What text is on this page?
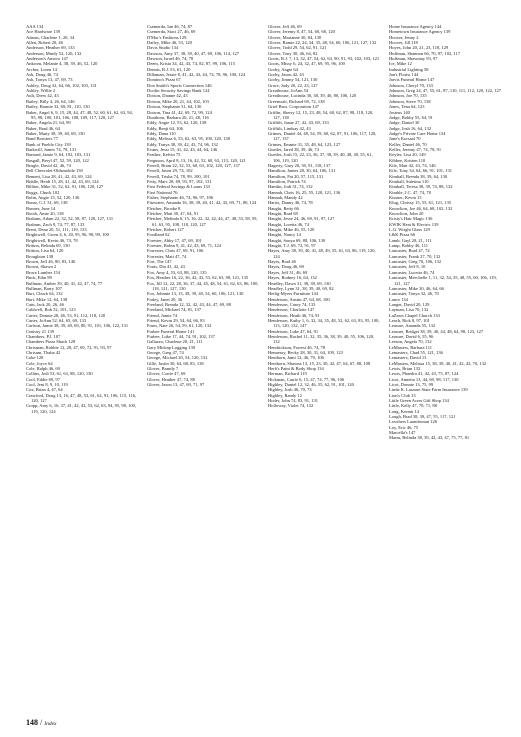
AAA 134
Ace Hardware 139
Adams, Charlene 1, 20, 34
Allen, Robert 20, 46
Anderson, Heather 69, 133
Anderson, Mindy 52, 120, 132
Anderson's Amoco 147
Ankrom, Melanie 4, 38, 39, 46, 52, 120
Archer, Loren 14
Ash, Doug 46, 74
Ash, Tonya 13, 47, 69, 73
Ashley, Doug 32, 64, 66, 102, 103, 131
Ashley, Willie 2
Ault, Drew 42, 43
Bailey, Billy 4, 26, 64, 146
Bailey, Bonnie 32, 69, 81, 110, 130
Baker, Angel 6, 9, 15, 28, 44, 47, 48, 52, 60, 61, 62, 63, 94, 95, 98, 100, 101, 106, 108, 109, 117, 120, 127
Baker, Angela 21, 64, 99
Baker, Brad 46, 64
Baker, Marty 38, 39, 40, 69, 130
Band Boosters 77
Bank of Pueblo City 139
Barkwill, James 74, 78, 131
Barnard, Jamie 9, 64, 102, 103, 131
Basgall, Beryl 47, 52, 59, 120, 122
Beagle, David 42, 46, 74
Bell Chevrolet-Oldsmobile 150
Bennett, Lisa 28, 41, 42, 43, 69, 124
Biddle, Heidi 15, 28, 41, 42, 43, 69, 124
Billiter, Mike 31, 52, 62, 91, 106, 120, 127
Boggs, Chuck 102
Bolin, Angie 15, 52, 120, 136
Bonar, C.J. 31, 69, 138
Bonner, June 14
Booth, Amie 20, 138
Brabum, Adam 22, 32, 52, 58, 87, 120, 127, 131
Brabum, Zach 9, 74, 77, 87, 133
Brent, Dena 20, 51, 111, 119, 133
Brightwell, Gwen 4, 6, 20, 95, 96, 98, 99, 100
Brightwell, Kevin 46, 74, 78
Britton, Belinda 69, 130
Britton, Lisa 64, 120
Broughton 138
Brown, Jeff 46, 80, 83, 146
Brown, Shawn 2
Bruce Lumber 154
Buck, Ethn 89
Bullman, Amber 39, 40, 41, 42, 47, 74, 77
Bullman, Barry 107
Burt, Chuck 64, 132
Burt, Mike 12, 64, 138
Cain, Jack 20, 26, 46
Caldwell, Rob 52, 101, 123
Carter, Donnie 28, 46, 53, 91, 112, 118, 120
Carter, JoAnn 52, 64, 65, 69, 133
Carlson, Jamie 38, 39, 40, 69, 80, 91, 101, 106, 122, 131
Century 21 139
Chambers, P.J. 107
Chambers Pizza Shack 128
Chrisman, Robbie 12, 28, 47, 69, 72, 91, 93, 97
Chrisam, Thaba 42
Coke 128
Cole, Joyce 64
Cole, Ralph 46, 69
Collins, Jodi 53, 61, 63, 88, 120, 130
Cool, Eddie 69, 97
Cool, Jeni 8, 9, 10, 119
Cox, Brian 4, 47, 64
Crawford, Doug 13, 16, 47, 48, 53, 61, 62, 91, 106, 115, 116, 120, 127
Cropp, Amy 6, 16, 37, 41, 42, 43, 53, 62, 63, 94, 95, 98, 100, 119, 120, 124
Csemerda, Ian 46, 74, 87
Csemerda, Staci 27, 46, 69
D'Mor's Fashions 129
Dailey, Mike 46, 53, 120
Davis Studio 134
Dawson, Amy 37, 38, 39, 40, 47, 69, 106, 114, 127
Dawson, Israel 46, 74, 78
Deem, Krista 34, 42, 43, 74, 82, 87, 99, 106, 115
Dennis, B.J. 53, 61, 120
Dillaman, Jessie 8, 41, 42, 43, 44, 74, 78, 96, 100, 124
Domino's Pizza 67
Don Smith's Sports Connection 146
Doolin Security Savings Bank 124
Dotson, Dianne 42, 43
Dotson, Mike 20, 21, 44, 102, 103
Dotson, Stephanie 31, 64, 130
Dotson, Tina 41, 42, 69, 72, 99, 124
Dunthorn, Barbara 20, 21, 48, 116
Eddy, Angie 12, 53, 62, 120, 138
Eddy, Benji 64, 106
Eddy, Dana 110
Eddy, Melissa 6, 53, 62, 63, 95, 100, 120, 138
Eddy, Tonya 38, 39, 42, 43, 74, 96, 132
Evans, Jessi 15, 41, 42, 43, 44, 64, 146
Feather, Kelvin 75
Ferguson, April 8, 13, 16, 42, 52, 60, 63, 113, 120, 121
Ferrell, Brian 22, 32, 53, 60, 63, 102, 120, 127, 137
Ferrell, Jason 29, 74, 102
Ferrell, Trisha 74, 78, 99, 100, 101
Fetty, Marc 28, 69, 93, 97, 102, 131
First Federal Savings & Loans 133
First National 76
Fisher, Stephanie 46, 74, 96, 97, 106
Fitzwater, Amanda 16, 38, 39, 40, 41, 42, 43, 69, 71, 80, 124
Fletcher, Brooke 8
Fletcher, Matt 30, 47, 64, 91
Fletcher, Melinda 6, 15, 16, 22, 32, 42, 44, 47, 48, 53, 58, 59, 61, 63, 95, 108, 118, 120, 127
Fletcher, Robert 127
Foodland 62
Forester, Abby 17, 47, 69, 101
Forester, Robin 9, 41, 42, 43, 69, 71, 124
Forrester, Chris 47, 69, 91, 106
Forrester, Matt 47, 74
Fort, The 147
Fouts, Dia 41, 42, 43
Fox, Amy 4, 53, 63, 88, 120, 135
Fox, Heather 16, 22, 36, 42, 43, 53, 62, 63, 98, 121, 135
Fox, Jill 12, 22, 28, 36, 37, 44, 45, 48, 54, 61, 62, 63, 86, 100, 118, 121, 127, 130
Fox, Johnnie 13, 15, 38, 39, 40, 54, 60, 106, 121, 130
Fraley, Janet 20, 36
Freeland, Brenda 12, 32, 42, 43, 44, 47, 69, 88
Freeland, Michael 74, 81, 137
Friend, Jamie 74
Friend, Kevin 29, 54, 64, 66, 83
Frum, Nate 26, 54, 59, 61, 120, 132
Furbee Funeral Home 141
Furbee, Luke 17, 44, 74, 91, 102, 137
Gallazzo, Charlene 20, 21, 111
Gary Midcap Logging 139
George, Greg 47, 74
George, Michael 20, 54, 120, 132
Gille, Justin 30, 64, 68, 83, 138
Glover, Brandy 7
Glover, Corrie 47, 69
Glover, Heather 47, 74, 88
Glover, Jason 13, 47, 69, 71, 97
Glover, Jeff 46, 69
Glover, Jeremy 8, 47, 54, 60, 68, 120
Glover, Marianne 30, 84, 130
Glover, Ramie 22, 24, 34, 35, 48, 54, 60, 106, 121, 127, 132
Glover, Todd 29, 54, 62, 91, 121
Glover, Tony 30, 46, 64, 82
Goots, B.J. 7, 13, 32, 47, 54, 62, 63, 90, 91, 93, 102, 103, 121
Goots, Missy 6, 24, 32, 47, 69, 95, 96, 100
Gorby, Angie 64
Gorby, Jason 42, 43
Gorby, Jimmy 54, 121, 130
Grace, Judy 20, 22, 23, 127
Greathouse, JoAnn 54
Greathouse, Lucinda 30, 38, 39, 46, 80, 106, 120
Greenwalt, Richard 69, 72, 138
Grief Bros. Corporation 147
Griffin, Sherry 12, 15, 23, 48, 54, 60, 62, 87, 98, 118, 120, 127, 138
Griffith, Janae 27, 42, 43, 69, 133
Griffith, Lindsay 42, 43
Grimes, Daniel 44, 48, 54, 59, 60, 62, 87, 91, 106, 117, 120, 127, 137
Grimes, Emmie 31, 35, 48, 64, 123, 127
Guetler, Jared 38, 39, 46, 74
Guetler, Josh 15, 22, 23, 36, 37, 38, 39, 40, 48, 49, 55, 61, 106, 119, 120
Hagerty, Gary 20, 30, 91, 118, 137
Hamilton, James 28, 30, 64, 106, 131
Hamilton, Pat 20, 57, 115, 131
Hamilton, Patrick 74
Hamlin, Jodi 31, 74, 132
Hannah, Chris 16, 25, 55, 120, 121, 136
Hannah, Mandy 42
Harris, Danny 46, 74, 78
Haught, Betty 66
Haught, Brad 69
Haught, Jesse 24, 46, 69, 91, 97, 127
Haught, Loretta 46, 74
Haught, Mike 46, 55, 120
Haught, Nancy 14
Haught, Sonya 69, 88, 106, 130
Haught, T.J. 69, 72, 91, 97
Hayes, Amy 38, 39, 40, 41, 48, 49, 55, 61, 63, 86, 119, 120, 124
Hayes, Brad 46
Hayes, Doug 46, 69
Hayes, Jeff 31, 46, 69
Hayes, Rodney 16, 64, 132
Headley, Dawn 31, 38, 39, 69, 130
Headley, Lynn 31, 38, 39, 40, 69, 82
Heilig-Myers Furniture 144
Henderson, Austin 47, 64, 68, 100
Henderson, Casey 74, 133
Henderson, Charlotte 147
Henderson, Heath 46, 74, 91
Henderson, Kathy 1, 6, 32, 34, 35, 48, 52, 62, 63, 83, 95, 100, 113, 120, 132, 147
Henderson, Luke 47, 64, 91
Henderson, Rachel 11, 32, 35, 36, 38, 39, 40, 55, 106, 120, 132
Hendrickson, Forrest 46, 74, 78
Hennessy, Becky 28, 30, 31, 64, 109, 123
Henthorn, Jami 12, 46, 70, 106
Henthorn, Shawna 13, 15, 23, 30, 42, 47, 64, 67, 88, 108
Herb's Paint & Body Shop 134
Herman, Richard 119
Hickman, Carrie 6, 15, 47, 74, 77, 96, 106
Highley, Daniel 12, 32, 46, 55, 62, 91, 101, 120
Highley, Josh 46, 70, 73
Highley, Randy 12
Hoder, John 74, 83, 91, 131
Holloway, Violet 74, 132
Home Insurance Agency 144
Hometown Insurance Agency 139
Hoover, Jenny 2
Hoover, Jill 118
Hoyes, John 20, 21, 23, 118, 129
Huffman, Shannon 66, 70, 97, 102, 117
Huffman, Shawntay 93, 97
Ice, Mike 12
Industrial Lighting 58
Jan's Florist 144
Jarvis Funeral Home 147
Johnson, Cheryl 70, 133
Johnson, Greg 24, 47, 55, 61, 87, 110, 111, 112, 120, 122, 127
Johnson, Joe 70, 135
Johnson, Steve 70, 138
Jones, Tena 64, 123
Josteus 140
Judge, Bobby 55, 64, 91
Judge, Daniel 30
Judge, Josh 16, 64, 132
Judge's Private Care Home 134
June's Korsaal 70
Keller, Daniel 46, 70
Keller, Jeremy 47, 74, 78, 91
Keyler, Lisa 20, 149
Kibbee, Kristen 110
Kile, Matt 42, 43, 74, 146
Kile, Tony 34, 64, 66, 91, 101, 131
Kimball, Brenda 38, 39, 64, 130
Kimball, Suleima 110
Kimball, Teresa 38, 39, 74, 88, 132
Kimble, J.C. 47, 74, 78
Kissner, Kevin 13
Klug, Chrissy 15, 55, 61, 121, 135
Knowlton, Joe 46, 64, 68, 102, 132
Knowlton, John 20
Kristy's Hair Magic 136
KWIK Heat & Electric 139
L.G. Wright Glass 129
L&K Pizza 66
Lamb, Gayl 20, 21, 111
Lamp, Bobby 46, 111
Lancaster, Brad 47, 74
Lancaster, Frank 27, 70, 132
Lancaster, Greg 70, 106, 132
Lancaster, Jeff 8, 10
Lancaster, Lucetta 46, 74
Lancaster, Meechelle 1, 11, 32, 34, 35, 48, 55, 60, 106, 119, 121, 127
Lancaster, Mike 30, 46, 64, 66
Lancaster, Tonya 32, 46, 70
Lance 134
Langer, David 20, 129
Layman, Lisa 70, 132
LaZears Chapel Church 133
Leach, Rick 8, 97, 101
Leasure, Amanda 55, 132
Leasure, Bridget 38, 39, 40, 44, 48, 64, 98, 123, 127
Leasure, David 6, 55, 96
Leeson, Angela 70, 132
LeMasters, Barbara 111
Lemasters, Chad 55, 121, 136
Lemasters, David 13
LeMasters, Melissa 15, 38, 39, 40, 41, 42, 43, 70, 132
Lewis, Brian 133
Lewis, Phaedra 41, 42, 43, 75, 87, 124
Licot, Annetta 13, 44, 69, 98, 117, 130
Licot, Donnie 13, 75, 99
Linda K. Lasaure State Farm Insurance 139
Lion's Club 13
Little Green Acres Gift Shop 134
Little, Kelly 47, 70, 71, 88
Long, Kermit 14
Lough, Brad 38, 39, 47, 55, 117, 121
Lowthers Laundromat 126
Loy, Eric 46, 75
Marcella's 147
Marm, Belinda 38, 39, 42, 43, 47, 75, 77, 81
148 / Index
